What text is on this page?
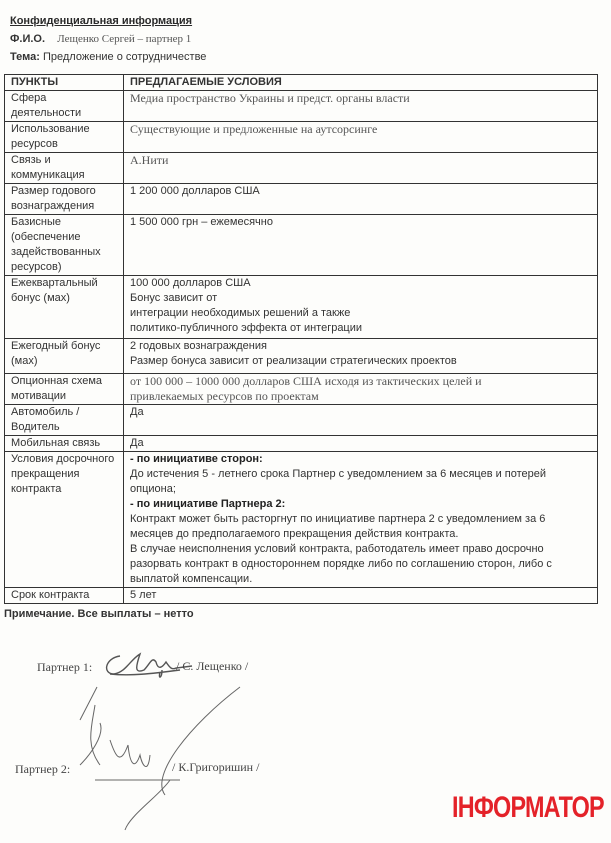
Конфиденциальная информация
Ф.И.О. Лещенко Сергей – партнер 1
Тема: Предложение о сотрудничестве
ПУНКТЫ	ПРЕДЛАГАЕМЫЕ УСЛОВИЯ
Сфера деятельности	Медиа пространство Украины и предст. органы власти

Использование ресурсов	Существующие и предложенные на аутсорсинге

Связь и коммуникация	А.Нити

Размер годового вознаграждения	1 200 000 долларов США

Базисные (обеспечение задействованных ресурсов)	1 500 000 грн – ежемесячно

Ежеквартальный бонус (мах)	100 000 долларов США
Бонус зависит от
интеграции необходимых решений а также
политико-публичного эффекта от интеграции

Ежегодный бонус (мах)	2 годовых вознаграждения
Размер бонуса зависит от реализации стратегических проектов

Опционная схема мотивации	от 100 000 – 1000 000 долларов США исходя из тактических целей и
привлекаемых ресурсов по проектам

Автомобиль /Водитель	Да

Мобильная связь	Да

Условия досрочного прекращения контракта	- по инициативе сторон:
До истечения 5 - летнего срока Партнер с уведомлением за 6 месяцев и потерей опциона;
- по инициативе Партнера 2:
Контракт может быть расторгнут по инициативе партнера 2 с уведомлением за 6 месяцев до предполагаемого прекращения действия контракта.
В случае неисполнения условий контракта, работодатель имеет право досрочно разорвать контракт в одностороннем порядке либо по соглашению сторон, либо с выплатой компенсации.

Срок контракта	5 лет
Примечание. Все выплаты – нетто
Партнер 1:	/ С. Лещенко /
Партнер 2:	/ К.Григоришин /
ІНФОРМАТОР
